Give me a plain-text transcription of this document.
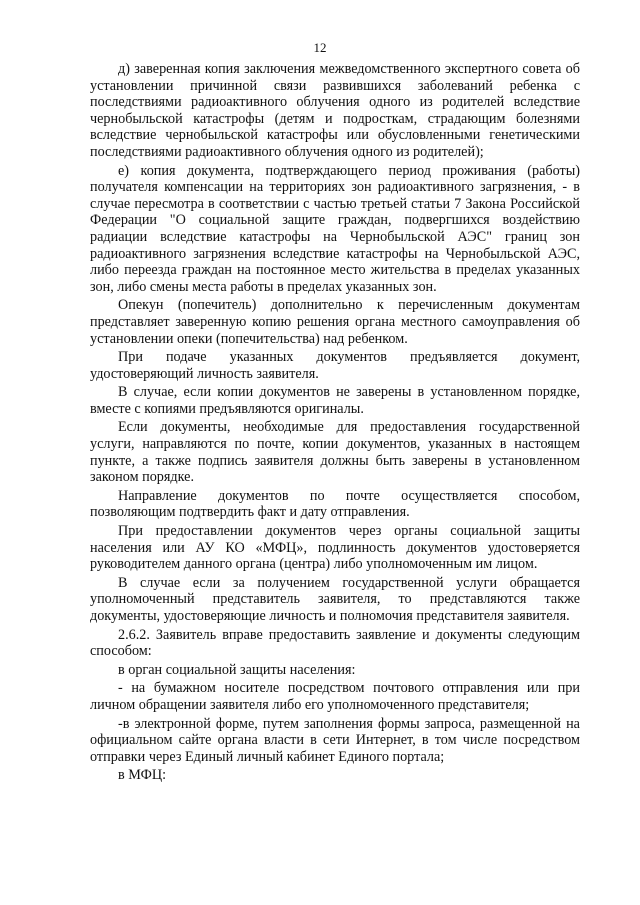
12

д) заверенная копия заключения межведомственного экспертного совета об установлении причинной связи развившихся заболеваний ребенка с последствиями радиоактивного облучения одного из родителей вследствие чернобыльской катастрофы (детям и подросткам, страдающим болезнями вследствие чернобыльской катастрофы или обусловленными генетическими последствиями радиоактивного облучения одного из родителей);

е) копия документа, подтверждающего период проживания (работы) получателя компенсации на территориях зон радиоактивного загрязнения, - в случае пересмотра в соответствии с частью третьей статьи 7 Закона Российской Федерации "О социальной защите граждан, подвергшихся воздействию радиации вследствие катастрофы на Чернобыльской АЭС" границ зон радиоактивного загрязнения вследствие катастрофы на Чернобыльской АЭС, либо переезда граждан на постоянное место жительства в пределах указанных зон, либо смены места работы в пределах указанных зон.

Опекун (попечитель) дополнительно к перечисленным документам представляет заверенную копию решения органа местного самоуправления об установлении опеки (попечительства) над ребенком.

При подаче указанных документов предъявляется документ, удостоверяющий личность заявителя.

В случае, если копии документов не заверены в установленном порядке, вместе с копиями предъявляются оригиналы.

Если документы, необходимые для предоставления государственной услуги, направляются по почте, копии документов, указанных в настоящем пункте, а также подпись заявителя должны быть заверены в установленном законом порядке.

Направление документов по почте осуществляется способом, позволяющим подтвердить факт и дату отправления.

При предоставлении документов через органы социальной защиты населения или АУ КО «МФЦ», подлинность документов удостоверяется руководителем данного органа (центра) либо уполномоченным им лицом.

В случае если за получением государственной услуги обращается уполномоченный представитель заявителя, то представляются также документы, удостоверяющие личность и полномочия представителя заявителя.

2.6.2. Заявитель вправе предоставить заявление и документы следующим способом:

в орган социальной защиты населения:

- на бумажном носителе посредством почтового отправления или при личном обращении заявителя либо его уполномоченного представителя;

-в электронной форме, путем заполнения формы запроса, размещенной на официальном сайте органа власти в сети Интернет, в том числе посредством отправки через Единый личный кабинет Единого портала;

в МФЦ:
